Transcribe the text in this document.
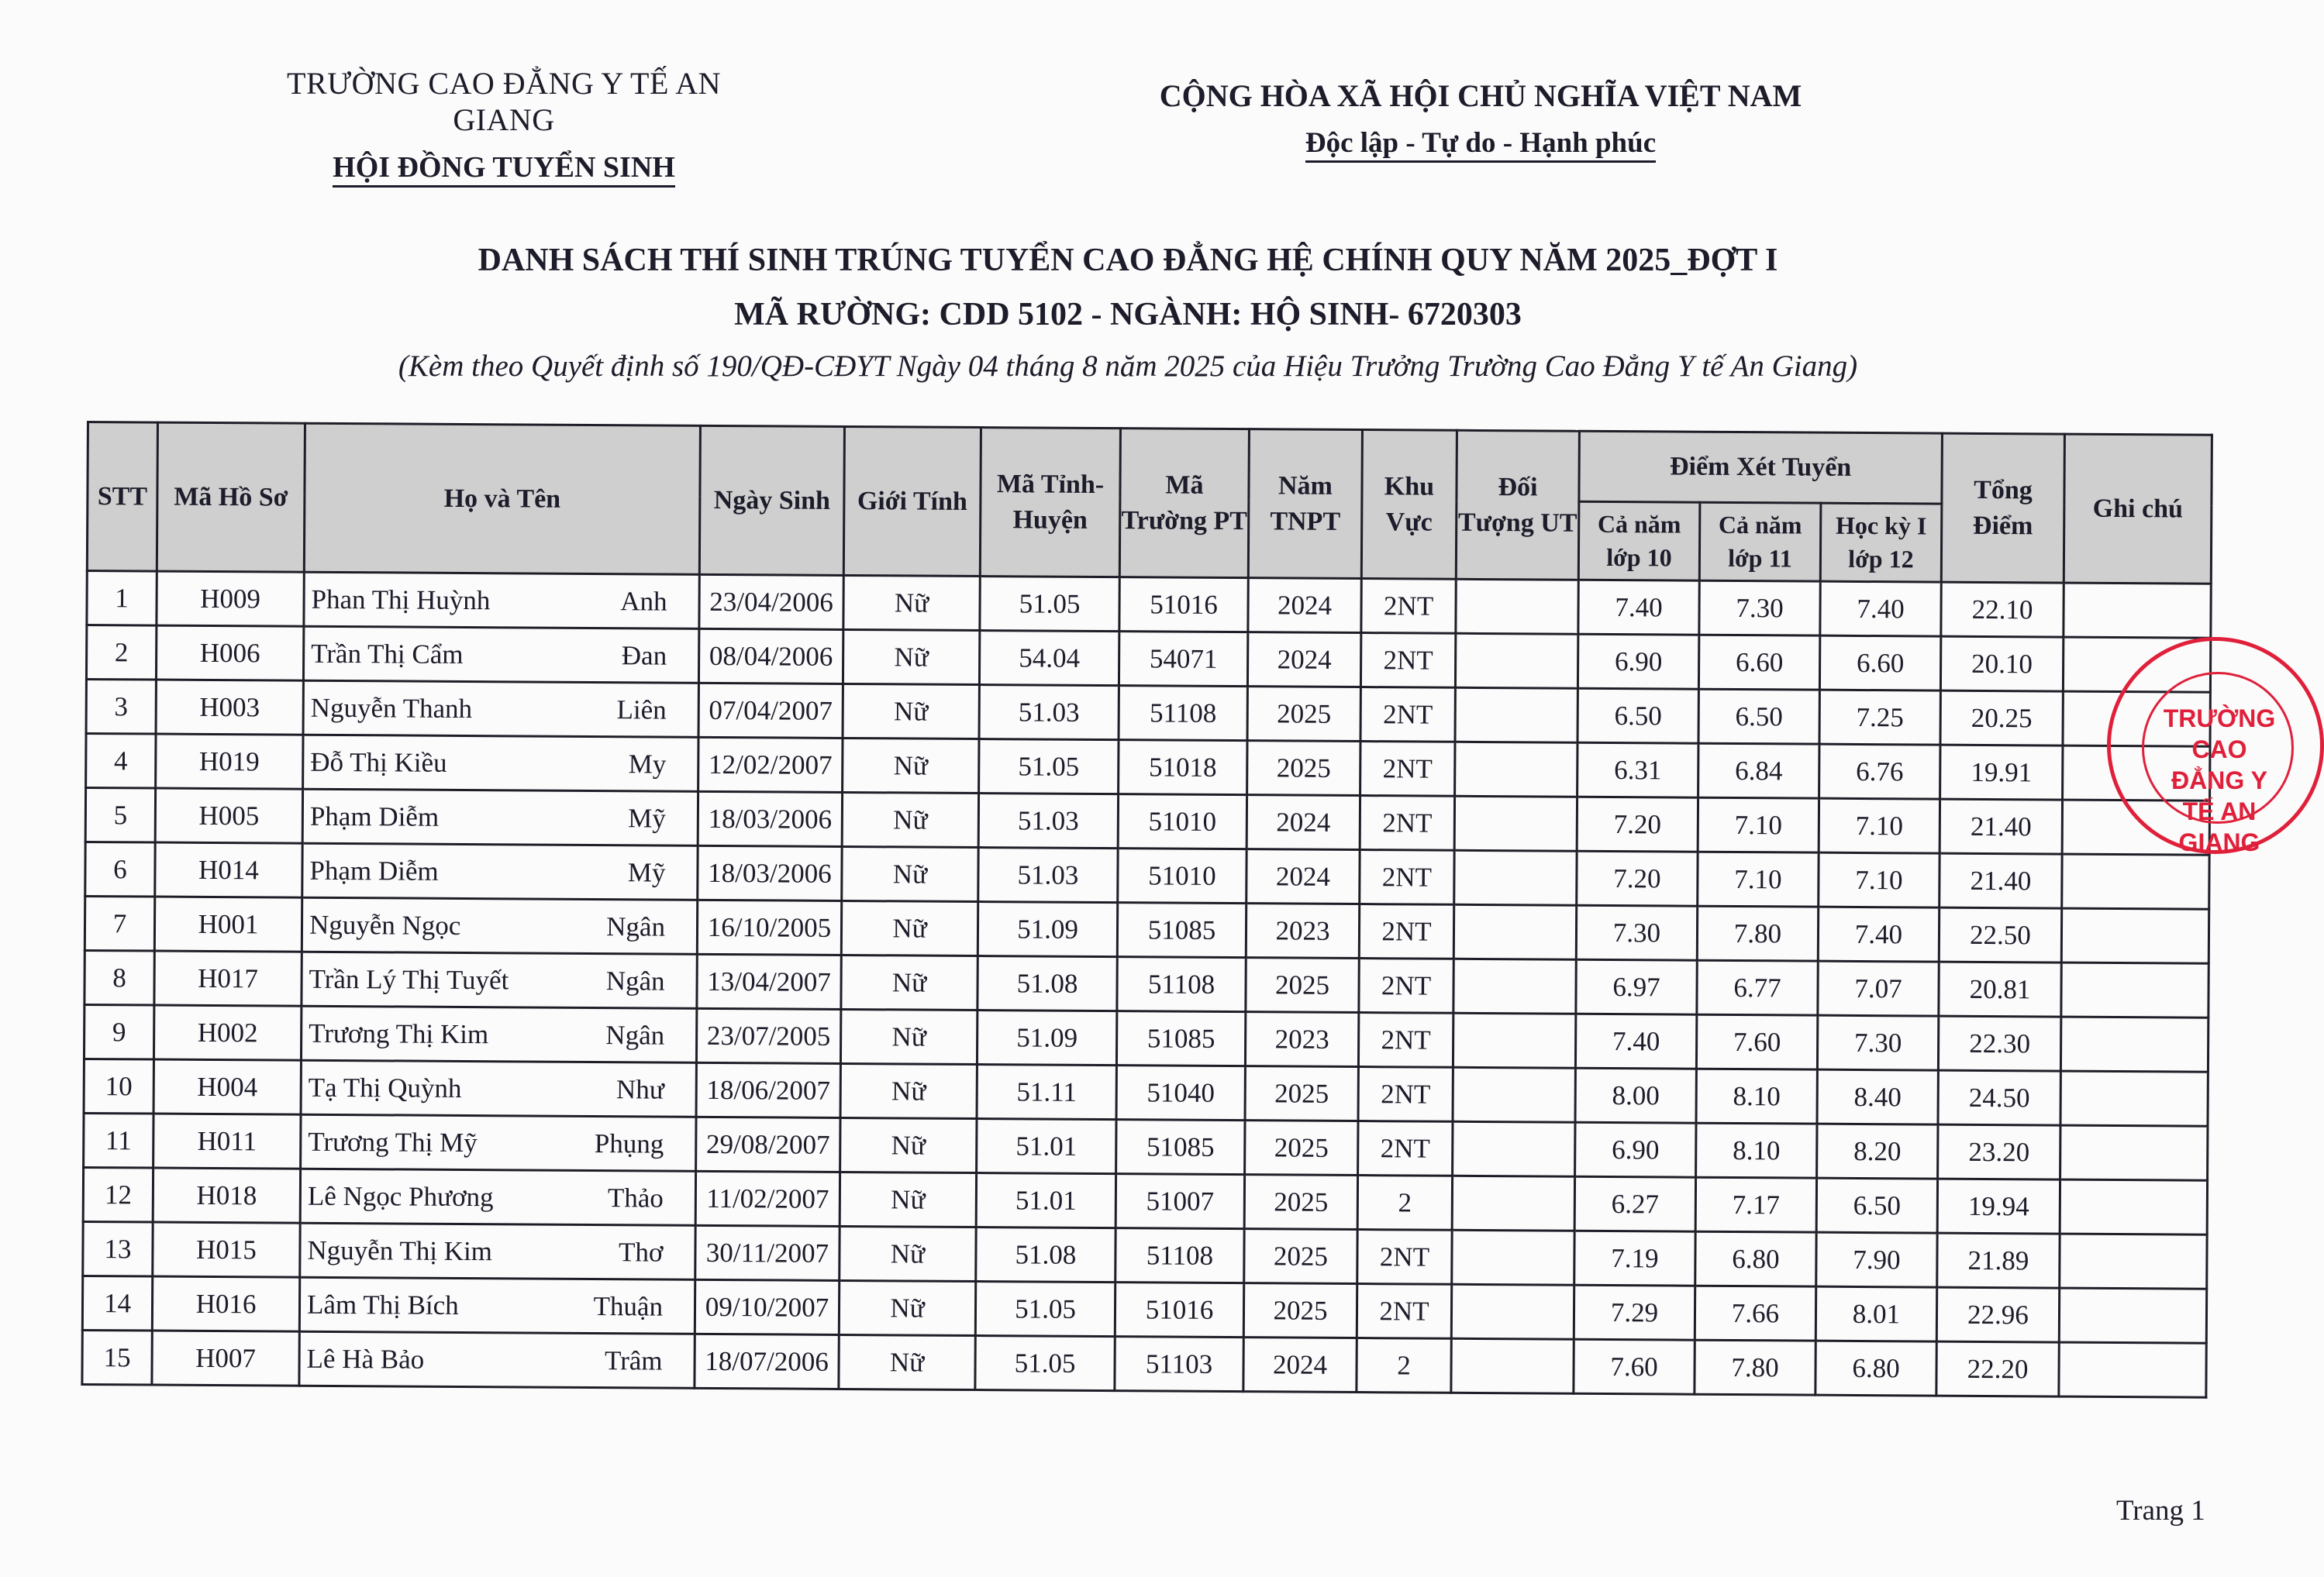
TRƯỜNG CAO ĐẲNG Y TẾ AN GIANG
HỘI ĐỒNG TUYỂN SINH
CỘNG HÒA XÃ HỘI CHỦ NGHĨA VIỆT NAM
Độc lập - Tự do - Hạnh phúc
DANH SÁCH THÍ SINH TRÚNG TUYỂN CAO ĐẲNG HỆ CHÍNH QUY NĂM 2025_ĐỢT I
MÃ RƯỜNG: CDD 5102 - NGÀNH: HỘ SINH- 6720303
(Kèm theo Quyết định số 190/QĐ-CĐYT Ngày 04 tháng 8 năm 2025 của Hiệu Trưởng Trường Cao Đẳng Y tế An Giang)
STT	Mã Hồ Sơ	Họ và Tên	Ngày Sinh	Giới Tính	Mã Tỉnh-Huyện	Mã Trường PT	Năm TNPT	Khu Vực	Đối Tượng UT	Điểm Xét Tuyển			Tổng Điểm	Ghi chú
										Cả năm lớp 10	Cả năm lớp 11	Học kỳ I lớp 12		
1	H009	Phan Thị Huỳnh Anh	23/04/2006	Nữ	51.05	51016	2024	2NT		7.40	7.30	7.40	22.10	
2	H006	Trần Thị Cẩm Đan	08/04/2006	Nữ	54.04	54071	2024	2NT		6.90	6.60	6.60	20.10	
3	H003	Nguyễn Thanh Liên	07/04/2007	Nữ	51.03	51108	2025	2NT		6.50	6.50	7.25	20.25	
4	H019	Đỗ Thị Kiều My	12/02/2007	Nữ	51.05	51018	2025	2NT		6.31	6.84	6.76	19.91	
5	H005	Phạm Diễm Mỹ	18/03/2006	Nữ	51.03	51010	2024	2NT		7.20	7.10	7.10	21.40	
6	H014	Phạm Diễm Mỹ	18/03/2006	Nữ	51.03	51010	2024	2NT		7.20	7.10	7.10	21.40	
7	H001	Nguyễn Ngọc Ngân	16/10/2005	Nữ	51.09	51085	2023	2NT		7.30	7.80	7.40	22.50	
8	H017	Trần Lý Thị Tuyết Ngân	13/04/2007	Nữ	51.08	51108	2025	2NT		6.97	6.77	7.07	20.81	
9	H002	Trương Thị Kim Ngân	23/07/2005	Nữ	51.09	51085	2023	2NT		7.40	7.60	7.30	22.30	
10	H004	Tạ Thị Quỳnh Như	18/06/2007	Nữ	51.11	51040	2025	2NT		8.00	8.10	8.40	24.50	
11	H011	Trương Thị Mỹ Phụng	29/08/2007	Nữ	51.01	51085	2025	2NT		6.90	8.10	8.20	23.20	
12	H018	Lê Ngọc Phương Thảo	11/02/2007	Nữ	51.01	51007	2025	2		6.27	7.17	6.50	19.94	
13	H015	Nguyễn Thị Kim Thơ	30/11/2007	Nữ	51.08	51108	2025	2NT		7.19	6.80	7.90	21.89	
14	H016	Lâm Thị Bích Thuận	09/10/2007	Nữ	51.05	51016	2025	2NT		7.29	7.66	8.01	22.96	
15	H007	Lê Hà Bảo Trâm	18/07/2006	Nữ	51.05	51103	2024	2		7.60	7.80	6.80	22.20	
TRƯỜNG CAO ĐẲNG Y TẾ AN GIANG
Trang 1
